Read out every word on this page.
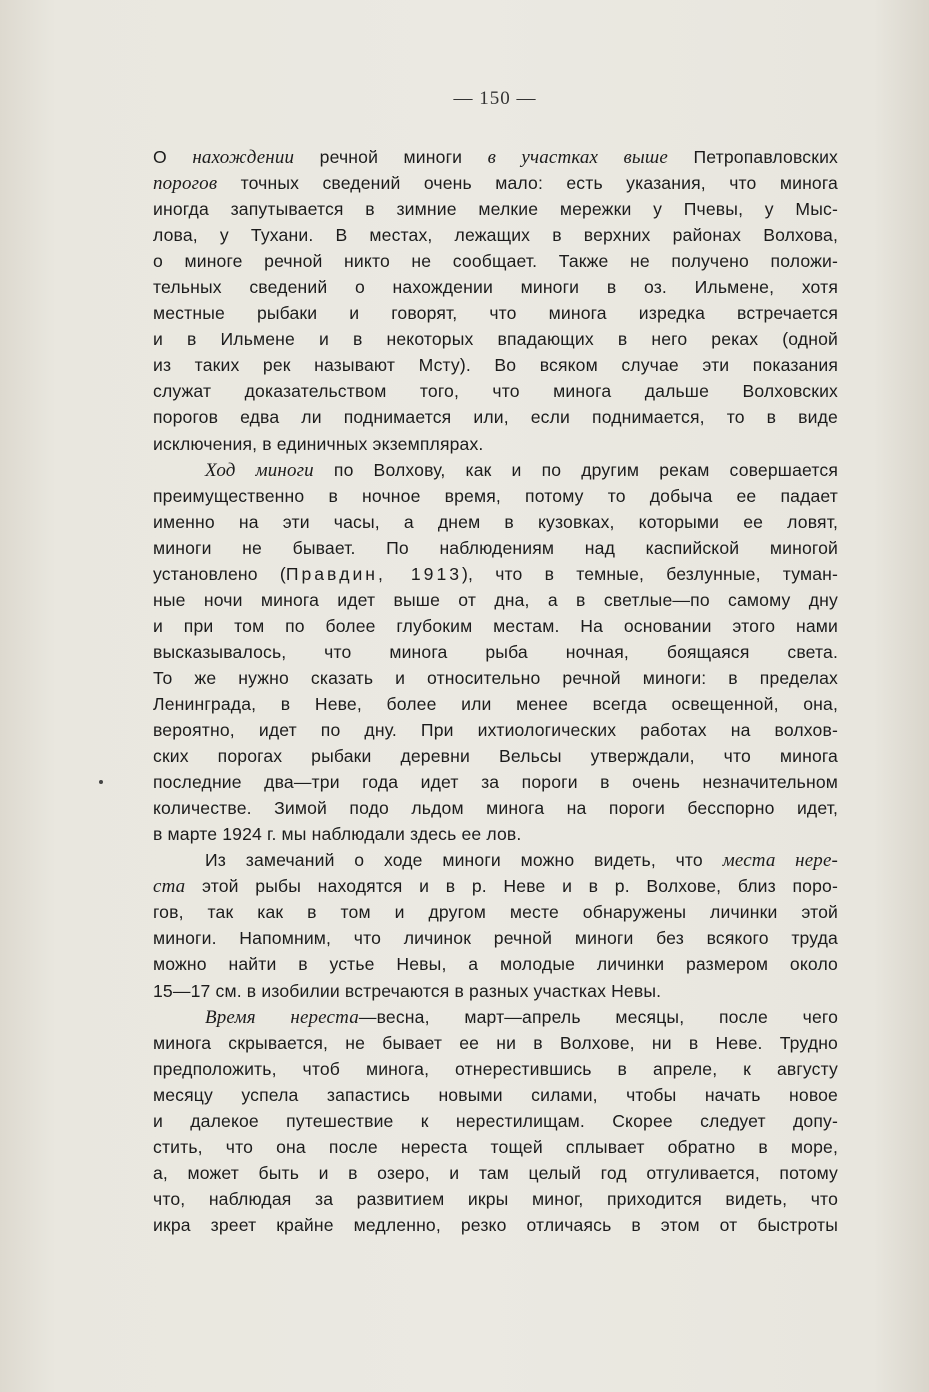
— 150 —
О нахождении речной миноги в участках выше Петропавловских
порогов точных сведений очень мало: есть указания, что минога
иногда запутывается в зимние мелкие мережки у Пчевы, у Мыс-
лова, у Тухани. В местах, лежащих в верхних районах Волхова,
о миноге речной никто не сообщает. Также не получено положи-
тельных сведений о нахождении миноги в оз. Ильмене, хотя
местные рыбаки и говорят, что минога изредка встречается
и в Ильмене и в некоторых впадающих в него реках (одной
из таких рек называют Мсту). Во всяком случае эти показания
служат доказательством того, что минога дальше Волховских
порогов едва ли поднимается или, если поднимается, то в виде
исключения, в единичных экземплярах.
Ход миноги по Волхову, как и по другим рекам совершается
преимущественно в ночное время, потому то добыча ее падает
именно на эти часы, а днем в кузовках, которыми ее ловят,
миноги не бывает. По наблюдениям над каспийской миногой
установлено (Правдин, 1913), что в темные, безлунные, туман-
ные ночи минога идет выше от дна, а в светлые—по самому дну
и при том по более глубоким местам. На основании этого нами
высказывалось, что минога рыба ночная, боящаяся света.
То же нужно сказать и относительно речной миноги: в пределах
Ленинграда, в Неве, более или менее всегда освещенной, она,
вероятно, идет по дну. При ихтиологических работах на волхов-
ских порогах рыбаки деревни Вельсы утверждали, что минога
последние два—три года идет за пороги в очень незначительном
количестве. Зимой подо льдом минога на пороги бесспорно идет,
в марте 1924 г. мы наблюдали здесь ее лов.
Из замечаний о ходе миноги можно видеть, что места нере-
ста этой рыбы находятся и в р. Неве и в р. Волхове, близ поро-
гов, так как в том и другом месте обнаружены личинки этой
миноги. Напомним, что личинок речной миноги без всякого труда
можно найти в устье Невы, а молодые личинки размером около
15—17 см. в изобилии встречаются в разных участках Невы.
Время нереста—весна, март—апрель месяцы, после чего
минога скрывается, не бывает ее ни в Волхове, ни в Неве. Трудно
предположить, чтоб минога, отнерестившись в апреле, к августу
месяцу успела запастись новыми силами, чтобы начать новое
и далекое путешествие к нерестилищам. Скорее следует допу-
стить, что она после нереста тощей сплывает обратно в море,
а, может быть и в озеро, и там целый год отгуливается, потому
что, наблюдая за развитием икры миног, приходится видеть, что
икра зреет крайне медленно, резко отличаясь в этом от быстроты
